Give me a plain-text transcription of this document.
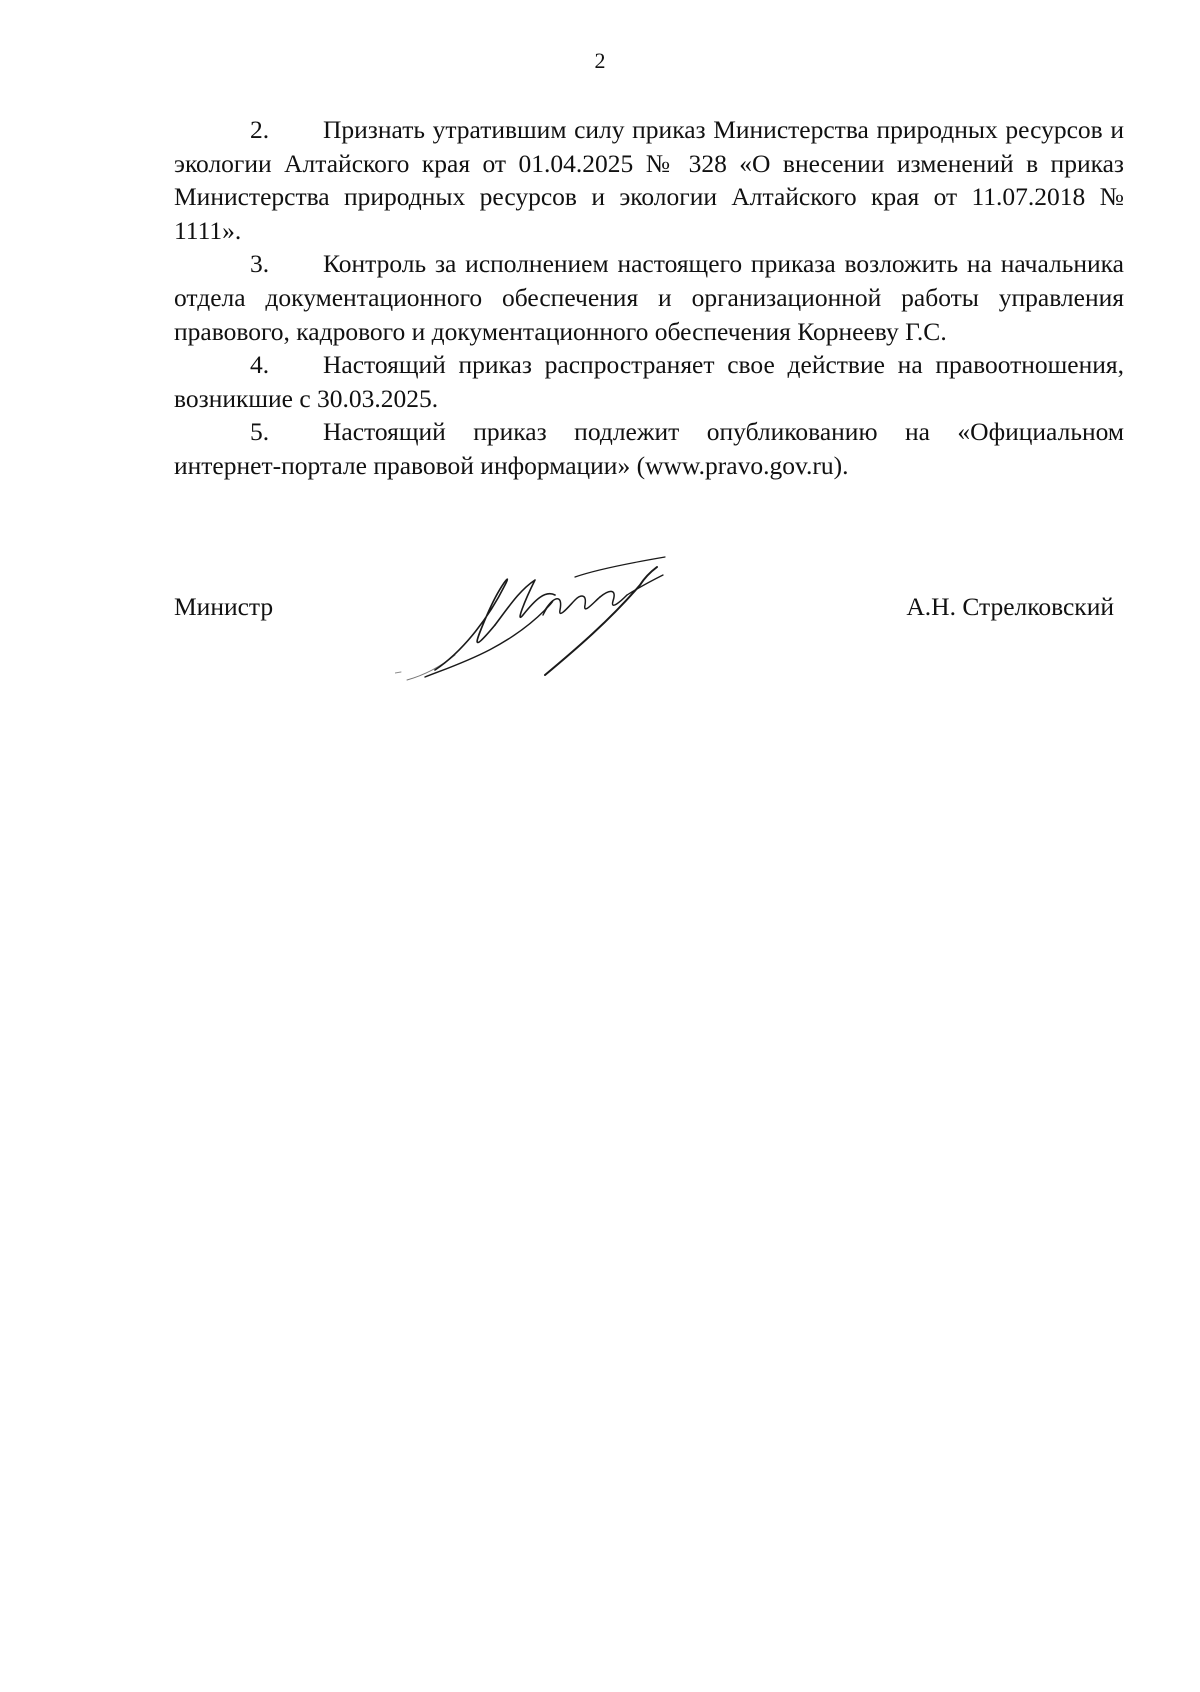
2

2. Признать утратившим силу приказ Министерства природных ресурсов и экологии Алтайского края от 01.04.2025 № 328 «О внесении изменений в приказ Министерства природных ресурсов и экологии Алтайского края от 11.07.2018 № 1111».

3. Контроль за исполнением настоящего приказа возложить на начальника отдела документационного обеспечения и организационной работы управления правового, кадрового и документационного обеспечения Корнееву Г.С.

4. Настоящий приказ распространяет свое действие на правоотношения, возникшие с 30.03.2025.

5. Настоящий приказ подлежит опубликованию на «Официальном интернет-портале правовой информации» (www.pravo.gov.ru).

Министр	А.Н. Стрелковский
